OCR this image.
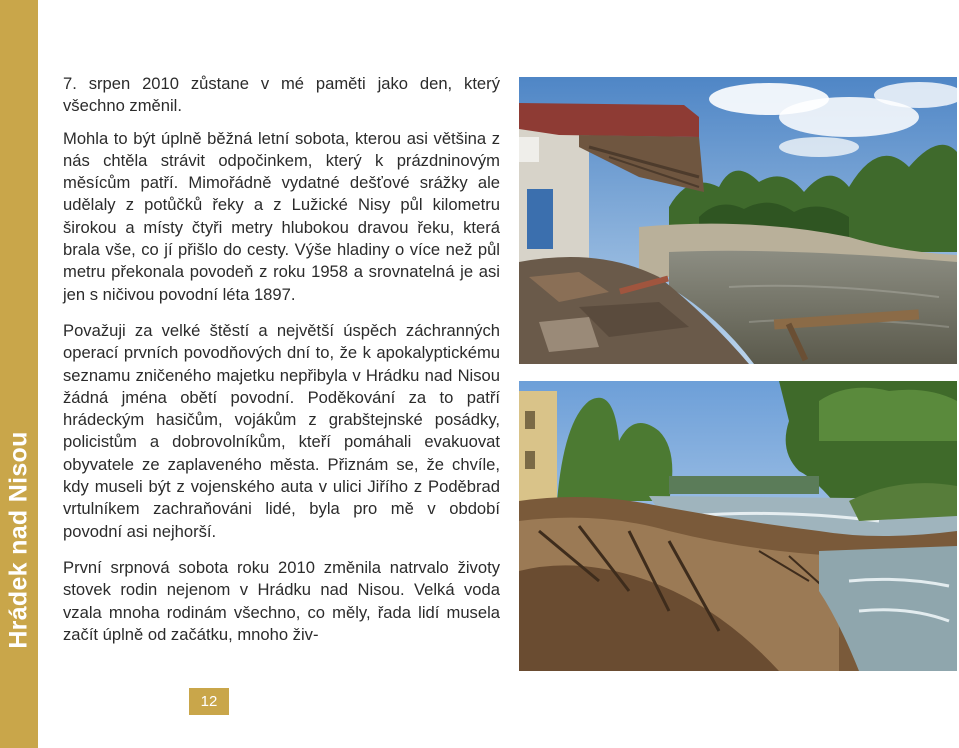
Hrádek nad Nisou

7. srpen 2010 zůstane v mé paměti jako den, který všechno změnil.

Mohla to být úplně běžná letní sobota, kterou asi většina z nás chtěla strávit odpočinkem, který k prázdninovým měsícům patří. Mimořádně vydatné dešťové srážky ale udělaly z potůčků řeky a z Lužické Nisy půl kilometru širokou a místy čtyři metry hlubokou dravou řeku, která brala vše, co jí přišlo do cesty. Výše hladiny o více než půl metru překonala povodeň z roku 1958 a srovnatelná je asi jen s ničivou povodní léta 1897.

Považuji za velké štěstí a největší úspěch záchranných operací prvních povodňových dní to, že k apokalyptickému seznamu zničeného majetku nepřibyla v Hrádku nad Nisou žádná jména obětí povodní. Poděkování za to patří hrádeckým hasičům, vojákům z grabštejnské posádky, policistům a dobrovolníkům, kteří pomáhali evakuovat obyvatele ze zaplaveného města. Přiznám se, že chvíle, kdy museli být z vojenského auta v ulici Jiřího z Poděbrad vrtulníkem zachraňováni lidé, byla pro mě v období povodní asi nejhorší.

První srpnová sobota roku 2010 změnila natrvalo životy stovek rodin nejenom v Hrádku nad Nisou. Velká voda vzala mnoha rodinám všechno, co měly, řada lidí musela začít úplně od začátku, mnoho živ-

12
